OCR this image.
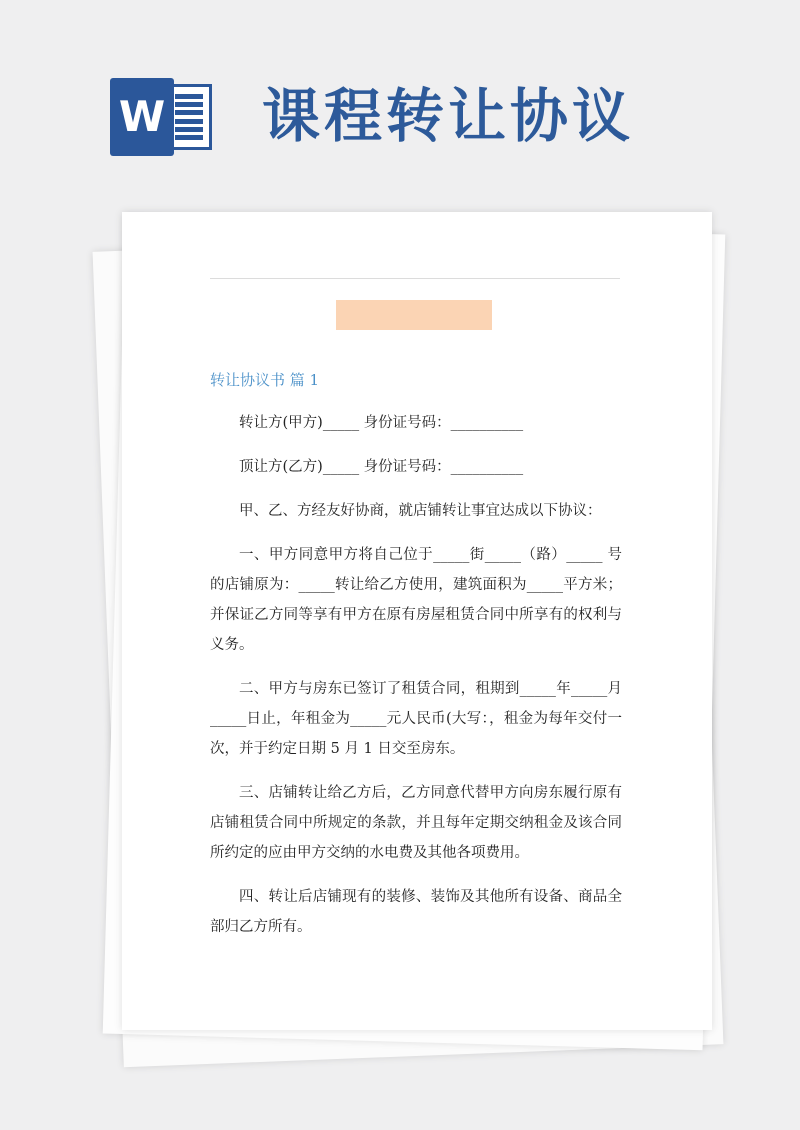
W 课程转让协议
转让协议书 篇 1

转让方(甲方)_____ 身份证号码：__________

顶让方(乙方)_____ 身份证号码：__________

甲、乙、方经友好协商，就店铺转让事宜达成以下协议：

一、甲方同意甲方将自己位于_____街_____（路）_____ 号的店铺原为：_____转让给乙方使用，建筑面积为_____平方米；并保证乙方同等享有甲方在原有房屋租赁合同中所享有的权利与义务。

二、甲方与房东已签订了租赁合同，租期到_____年_____月_____日止，年租金为_____元人民币(大写：，租金为每年交付一次，并于约定日期 5 月 1 日交至房东。

三、店铺转让给乙方后，乙方同意代替甲方向房东履行原有店铺租赁合同中所规定的条款，并且每年定期交纳租金及该合同所约定的应由甲方交纳的水电费及其他各项费用。

四、转让后店铺现有的装修、装饰及其他所有设备、商品全部归乙方所有。
